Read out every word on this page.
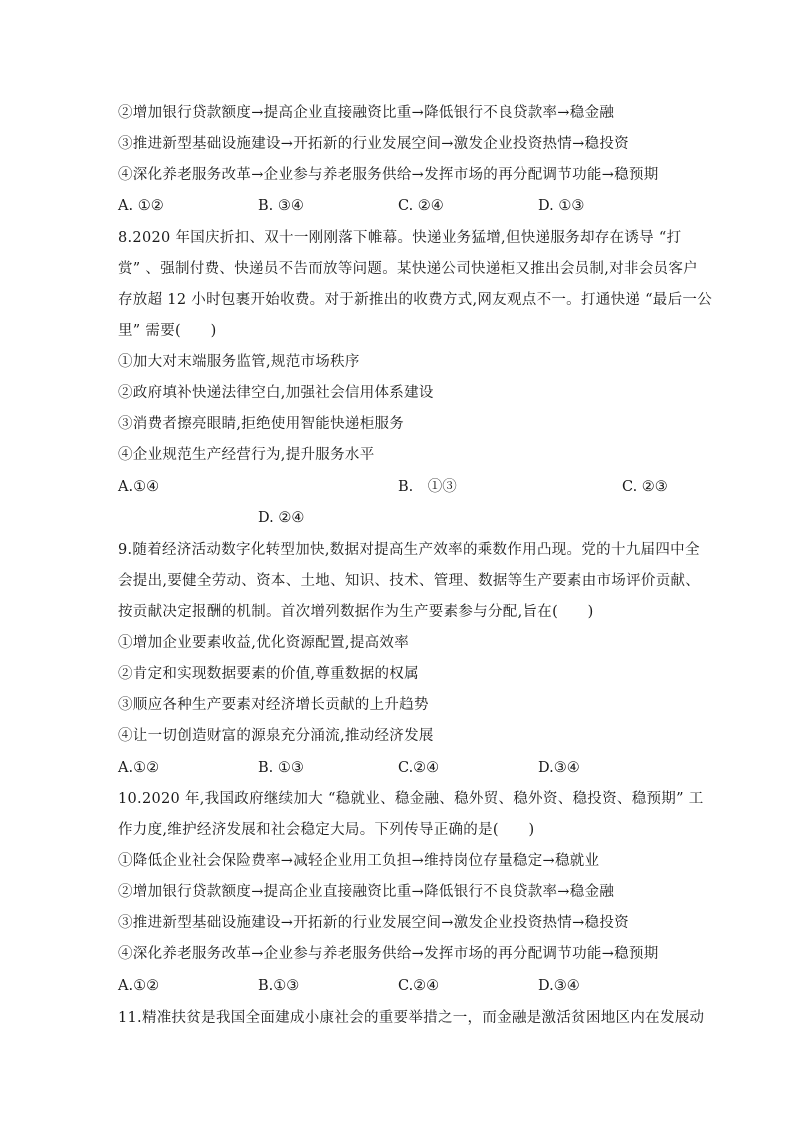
②增加银行贷款额度→提高企业直接融资比重→降低银行不良贷款率→稳金融
③推进新型基础设施建设→开拓新的行业发展空间→激发企业投资热情→稳投资
④深化养老服务改革→企业参与养老服务供给→发挥市场的再分配调节功能→稳预期
A. ①②	B. ③④	C. ②④	D. ①③
8.2020 年国庆折扣、双十一刚刚落下帷幕。快递业务猛增,但快递服务却存在诱导 “打
赏” 、强制付费、快递员不告而放等问题。某快递公司快递柜又推出会员制,对非会员客户
存放超 12 小时包裹开始收费。对于新推出的收费方式,网友观点不一。打通快递 “最后一公
里” 需要(　　)
①加大对末端服务监管,规范市场秩序
②政府填补快递法律空白,加强社会信用体系建设
③消费者擦亮眼睛,拒绝使用智能快递柜服务
④企业规范生产经营行为,提升服务水平
A.①④	B.　①③	C. ②③
D. ②④
9.随着经济活动数字化转型加快,数据对提高生产效率的乘数作用凸现。党的十九届四中全
会提出,要健全劳动、资本、土地、知识、技术、管理、数据等生产要素由市场评价贡献、
按贡献决定报酬的机制。首次增列数据作为生产要素参与分配,旨在(　　)
①增加企业要素收益,优化资源配置,提高效率
②肯定和实现数据要素的价值,尊重数据的权属
③顺应各种生产要素对经济增长贡献的上升趋势
④让一切创造财富的源泉充分涌流,推动经济发展
A.①②	B. ①③	C.②④	D.③④
10.2020 年,我国政府继续加大 “稳就业、稳金融、稳外贸、稳外资、稳投资、稳预期” 工
作力度,维护经济发展和社会稳定大局。下列传导正确的是(　　)
①降低企业社会保险费率→减轻企业用工负担→维持岗位存量稳定→稳就业
②增加银行贷款额度→提高企业直接融资比重→降低银行不良贷款率→稳金融
③推进新型基础设施建设→开拓新的行业发展空间→激发企业投资热情→稳投资
④深化养老服务改革→企业参与养老服务供给→发挥市场的再分配调节功能→稳预期
A.①②	B.①③	C.②④	D.③④
11.精准扶贫是我国全面建成小康社会的重要举措之一，而金融是激活贫困地区内在发展动
